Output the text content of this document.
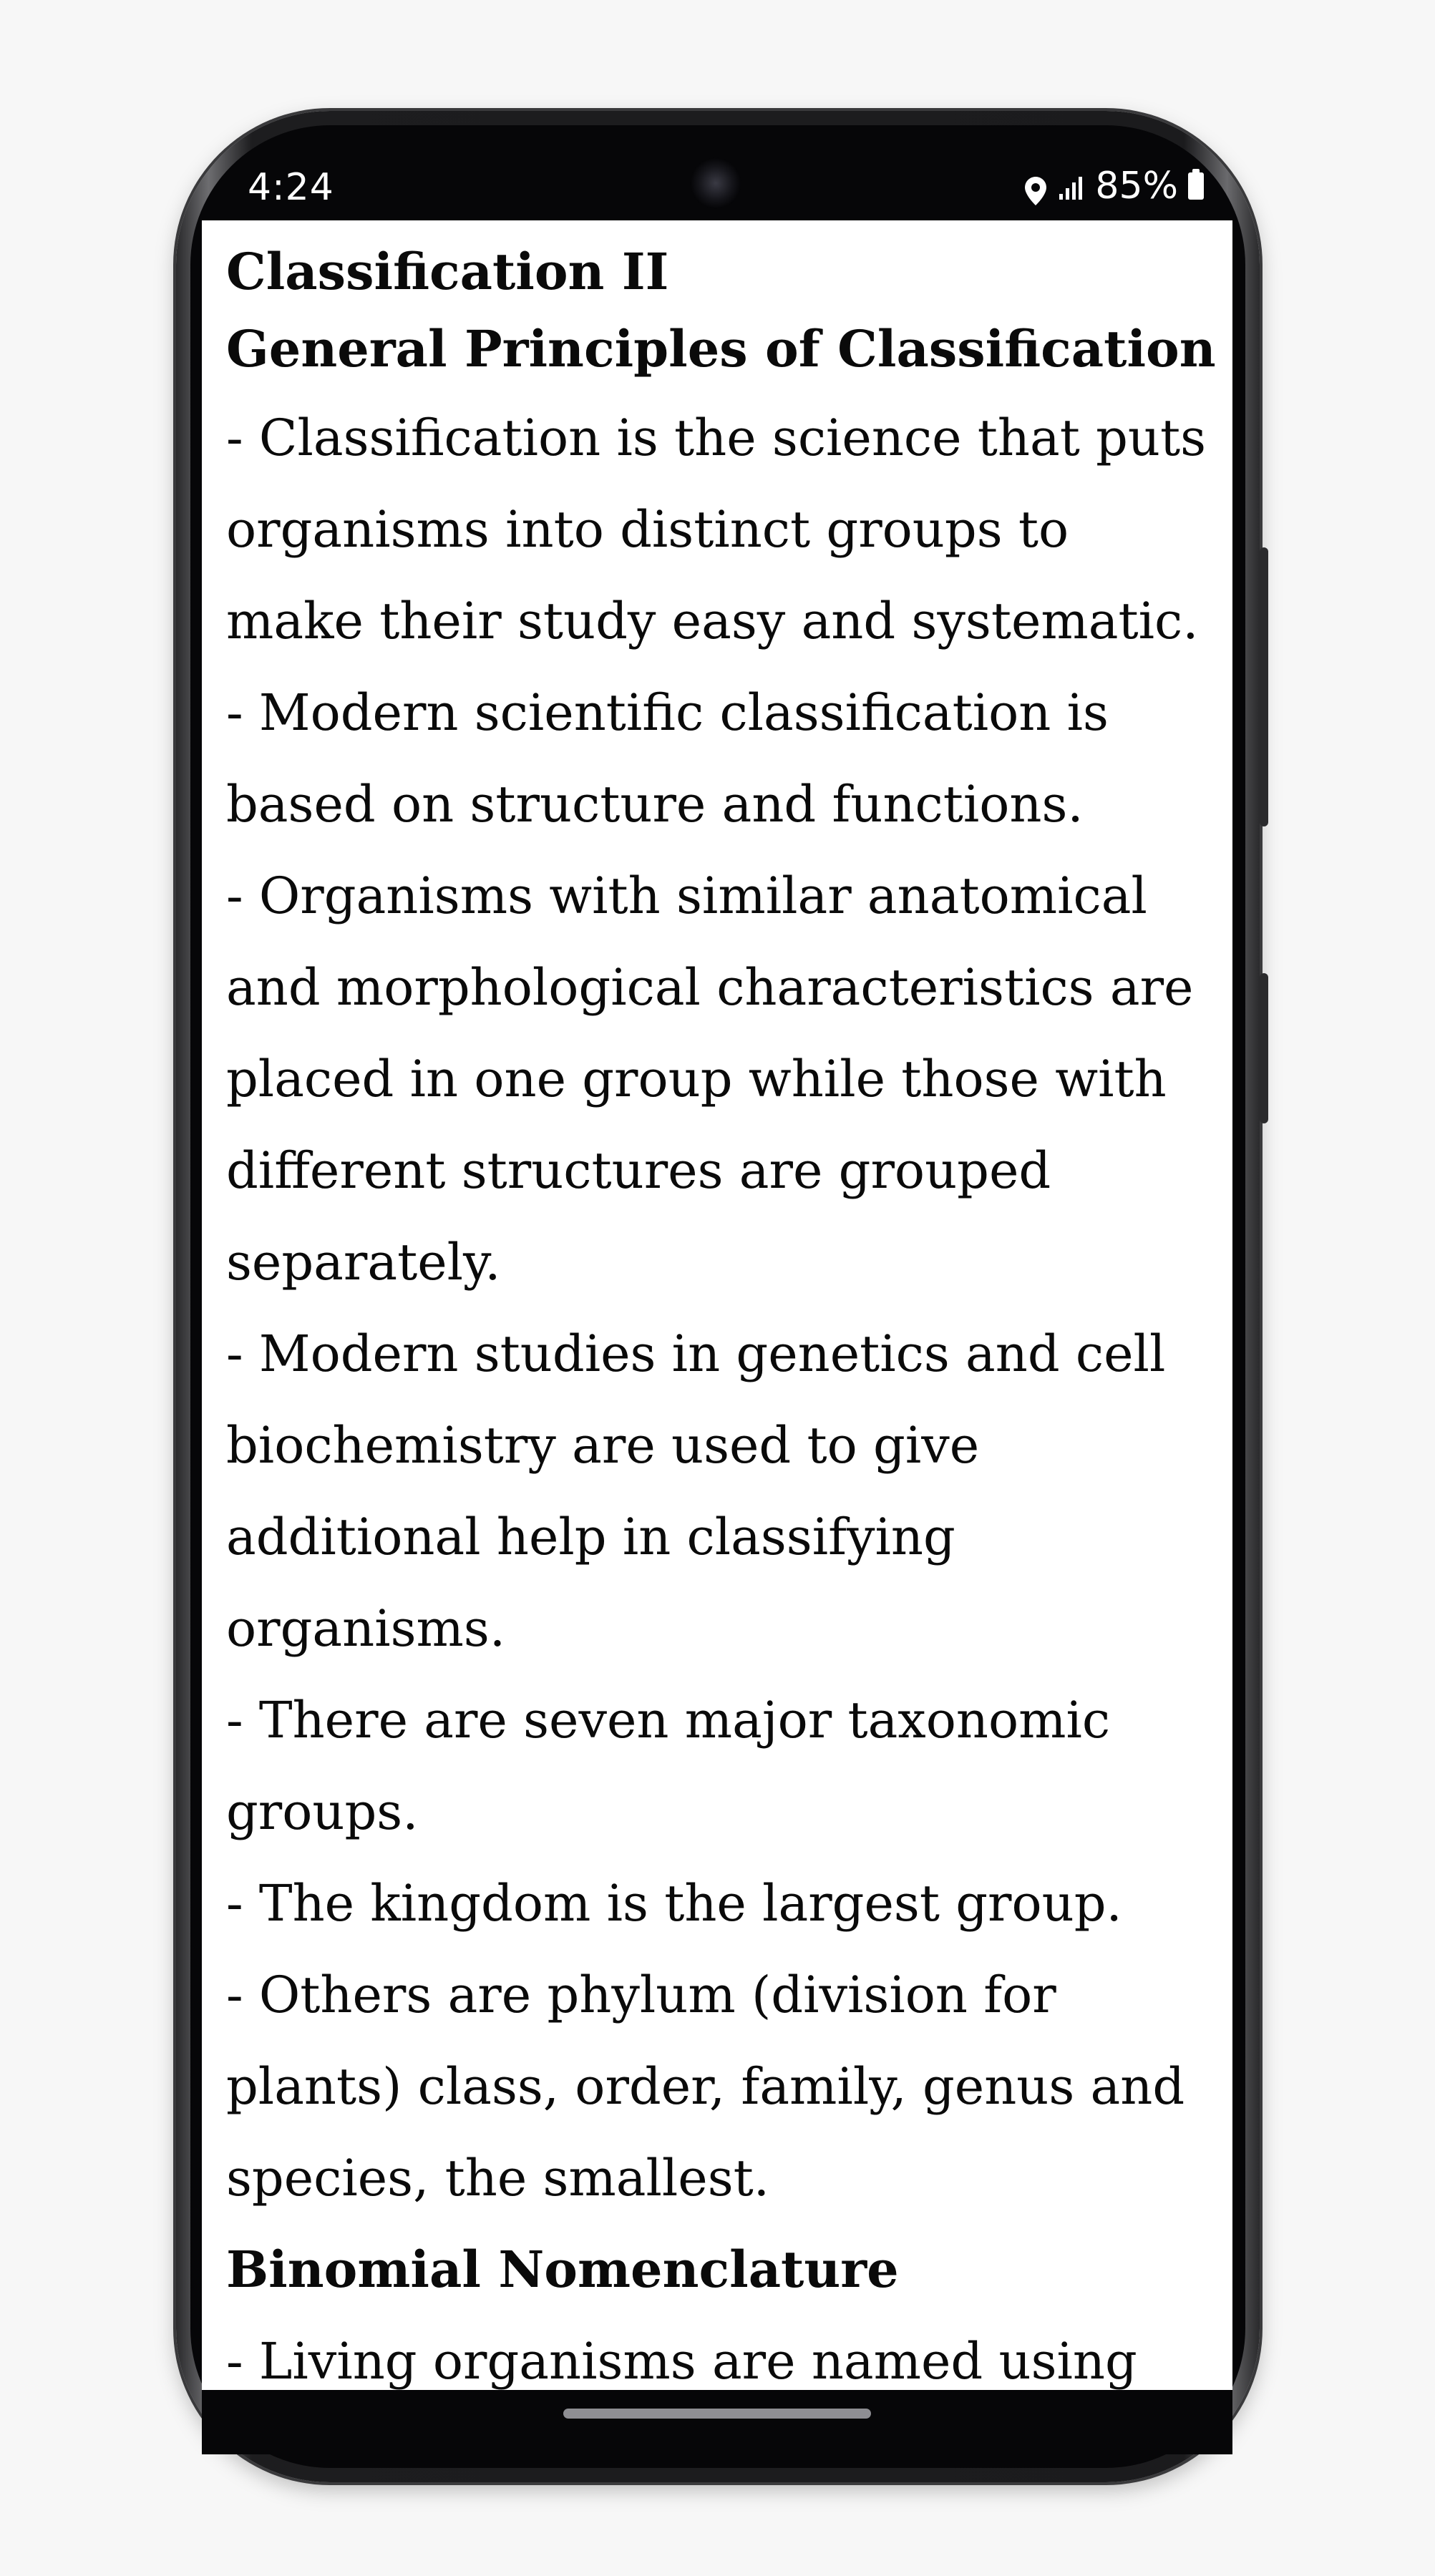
4:24	85%

Classification II

General Principles of Classification

- Classification is the science that puts

organisms into distinct groups to

make their study easy and systematic.

- Modern scientific classification is

based on structure and functions.

- Organisms with similar anatomical

and morphological characteristics are

placed in one group while those with

different structures are grouped

separately.

- Modern studies in genetics and cell

biochemistry are used to give

additional help in classifying

organisms.

- There are seven major taxonomic

groups.

- The kingdom is the largest group.

- Others are phylum (division for

plants) class, order, family, genus and

species, the smallest.

Binomial Nomenclature

- Living organisms are named using
